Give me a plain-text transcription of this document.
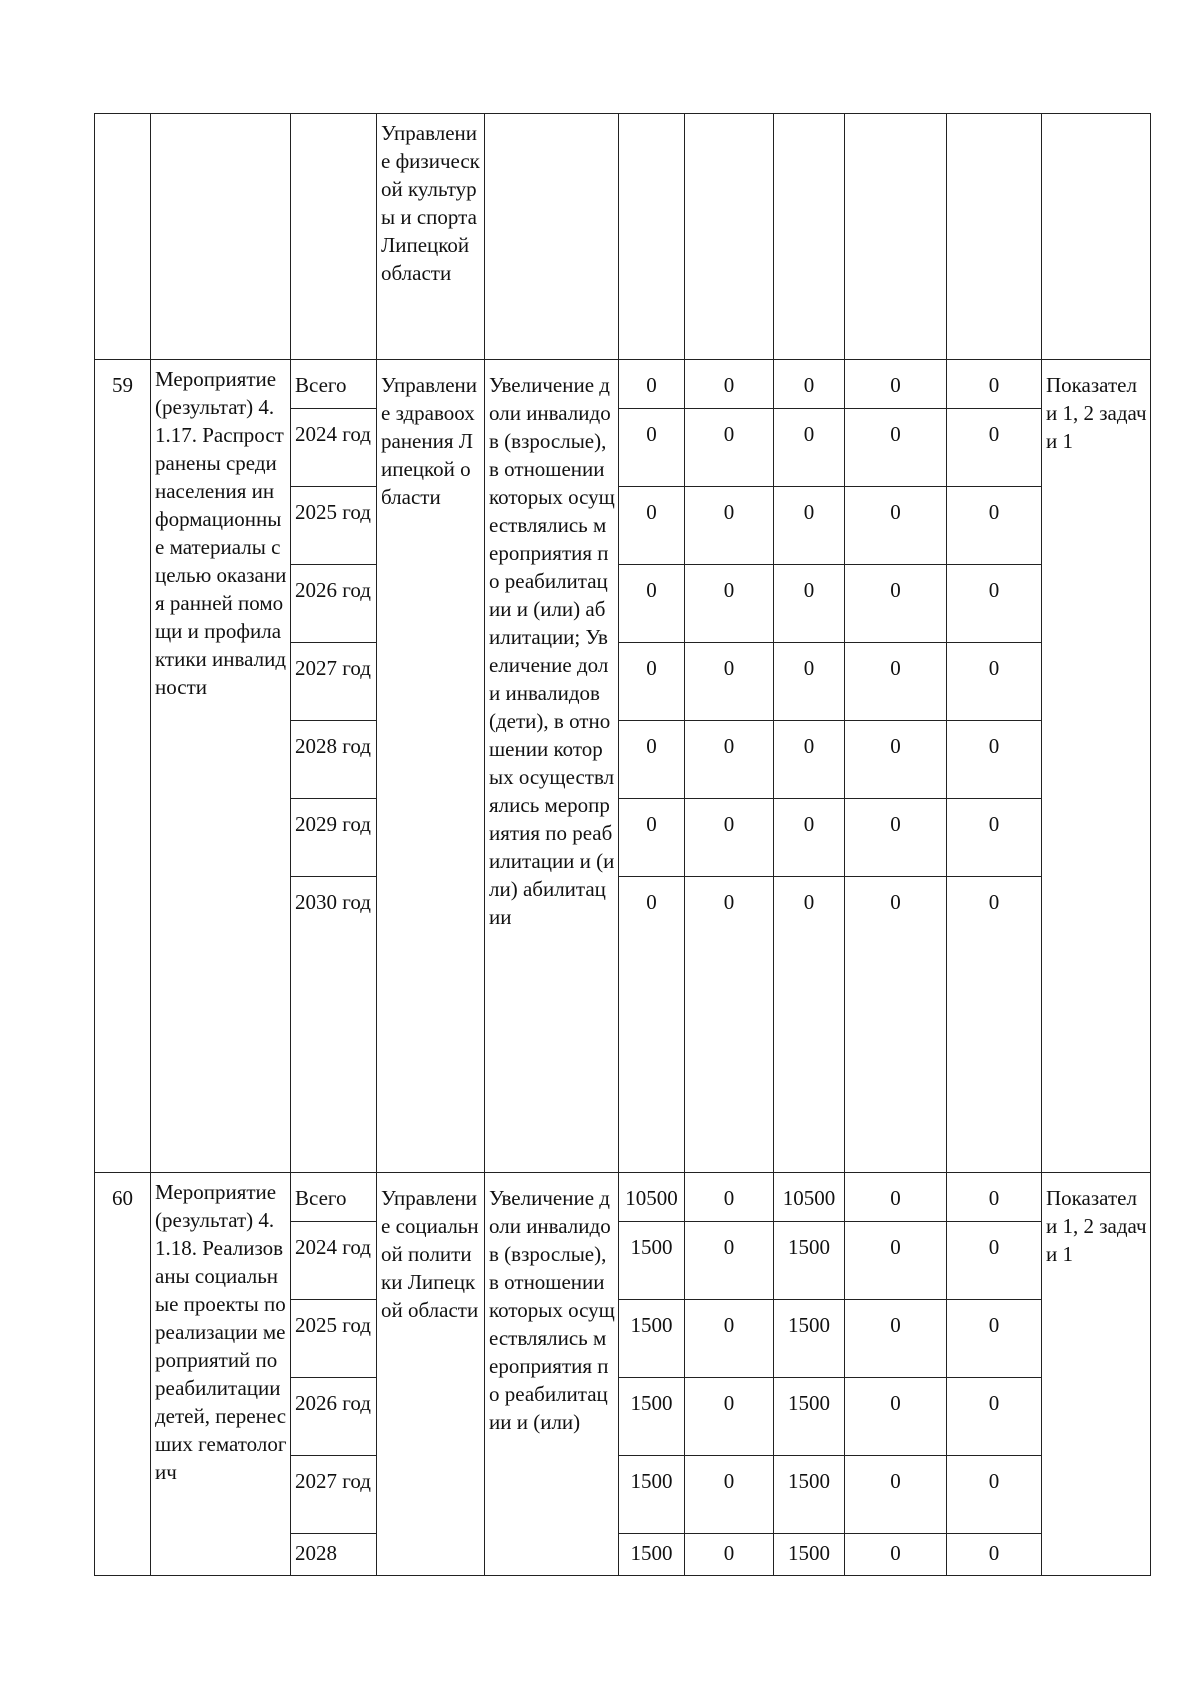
			Управление физической культуры и спорта Липецкой области							

59	Мероприятие (результат) 4.1.17. Распространены среди населения информационные материалы с целью оказания ранней помощи и профилактики инвалидности	Всего	Управление здравоохранения Липецкой области	Увеличение доли инвалидов (взрослые), в отношении которых осуществлялись мероприятия по реабилитации и (или) абилитации; Увеличение доли инвалидов (дети), в отношении которых осуществлялись мероприятия по реабилитации и (или) абилитации	0	0	0	0	0	Показатели 1, 2 задачи 1

		2024 год			0	0	0	0	0	

		2025 год			0	0	0	0	0	

		2026 год			0	0	0	0	0	

		2027 год			0	0	0	0	0	

		2028 год			0	0	0	0	0	

		2029 год			0	0	0	0	0	

		2030 год			0	0	0	0	0	

60	Мероприятие (результат) 4.1.18. Реализованы социальные проекты по реализации мероприятий по реабилитации детей, перенесших гематологич	Всего	Управление социальной политики Липецкой области	Увеличение доли инвалидов (взрослые), в отношении которых осуществлялись мероприятия по реабилитации и (или)	10500	0	10500	0	0	Показатели 1, 2 задачи 1

		2024 год			1500	0	1500	0	0	

		2025 год			1500	0	1500	0	0	

		2026 год			1500	0	1500	0	0	

		2027 год			1500	0	1500	0	0	

		2028			1500	0	1500	0	0	
